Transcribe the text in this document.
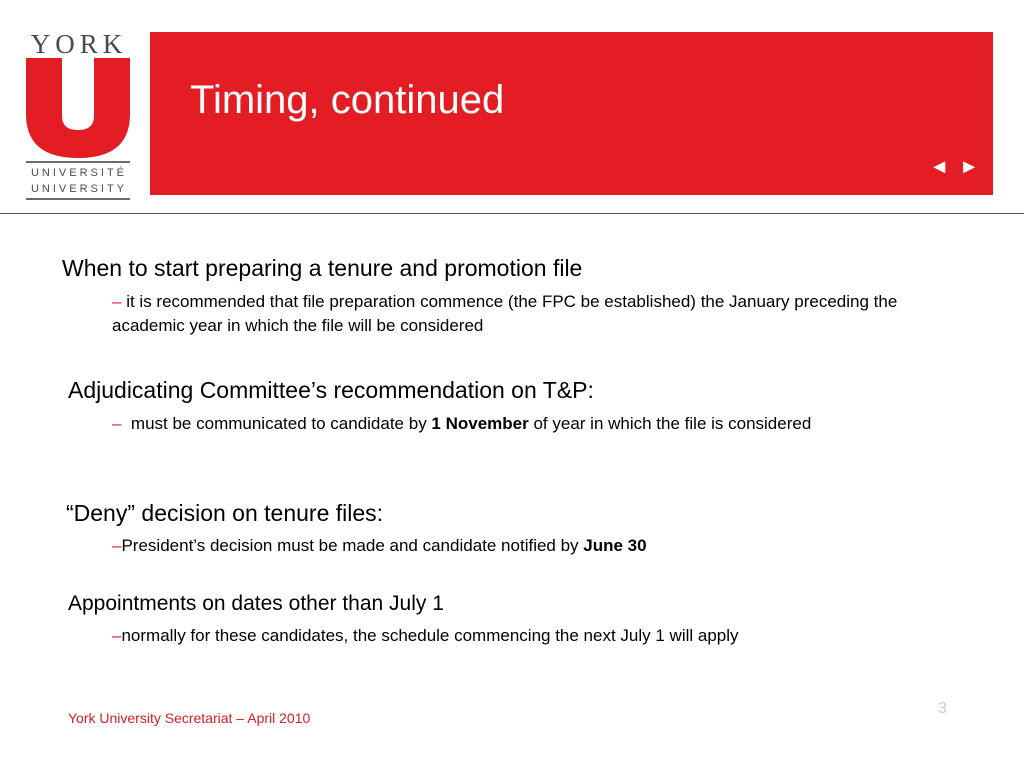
YORK
UNIVERSITÉ
UNIVERSITY
Timing, continued
◄ ►
When to start preparing a tenure and promotion file
– it is recommended that file preparation commence (the FPC be established) the January preceding the academic year in which the file will be considered
Adjudicating Committee’s recommendation on T&P:
–  must be communicated to candidate by 1 November of year in which the file is considered
“Deny” decision on tenure files:
–President’s decision must be made and candidate notified by June 30
Appointments on dates other than July 1
–normally for these candidates, the schedule commencing the next July 1 will apply
York University Secretariat – April 2010
3
